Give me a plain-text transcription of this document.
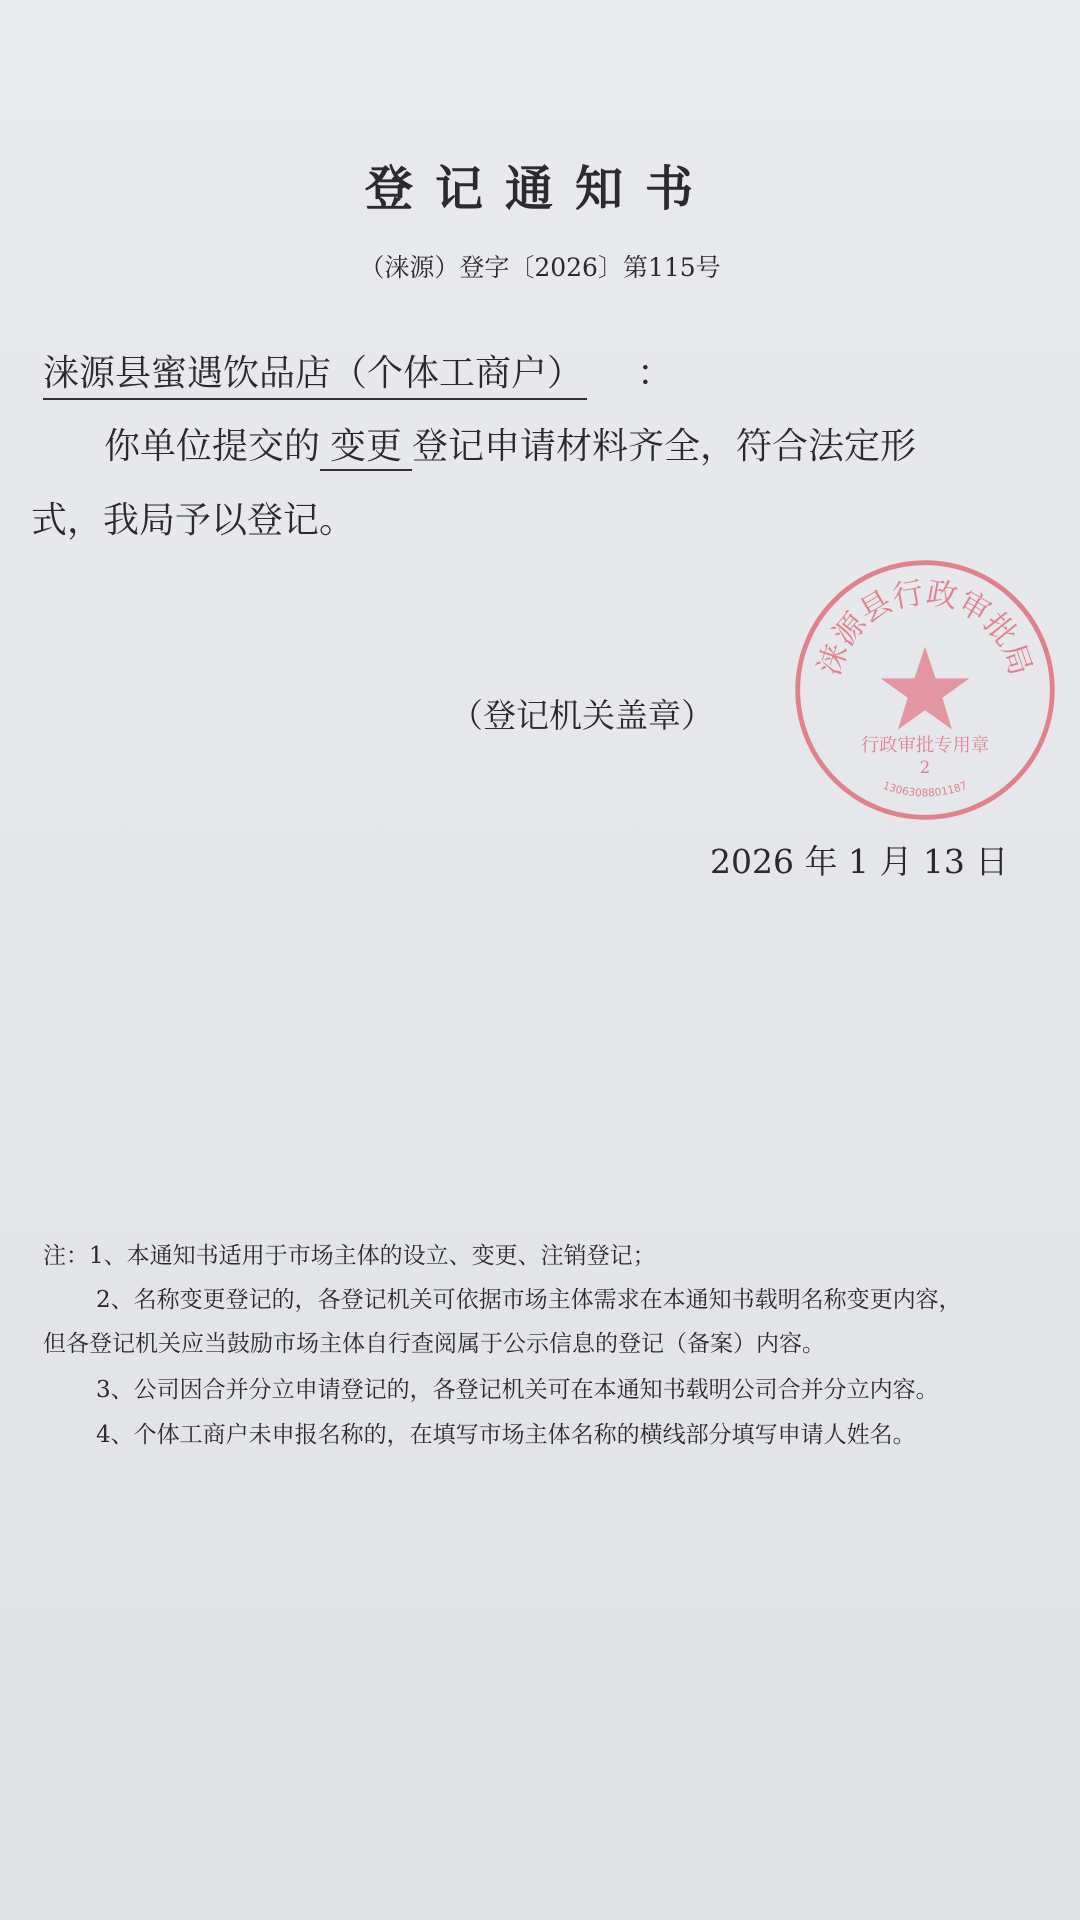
登记通知书
（涞源）登字〔2026〕第115号
涞源县蜜遇饮品店（个体工商户） ：
你单位提交的 变更 登记申请材料齐全，符合法定形
式，我局予以登记。
（登记机关盖章）
2026 年 1 月 13 日
涞源县行政审批局
行政审批专用章
2
1306308801187
注：1、本通知书适用于市场主体的设立、变更、注销登记；
2、名称变更登记的，各登记机关可依据市场主体需求在本通知书载明名称变更内容，
但各登记机关应当鼓励市场主体自行查阅属于公示信息的登记（备案）内容。
3、公司因合并分立申请登记的，各登记机关可在本通知书载明公司合并分立内容。
4、个体工商户未申报名称的，在填写市场主体名称的横线部分填写申请人姓名。
